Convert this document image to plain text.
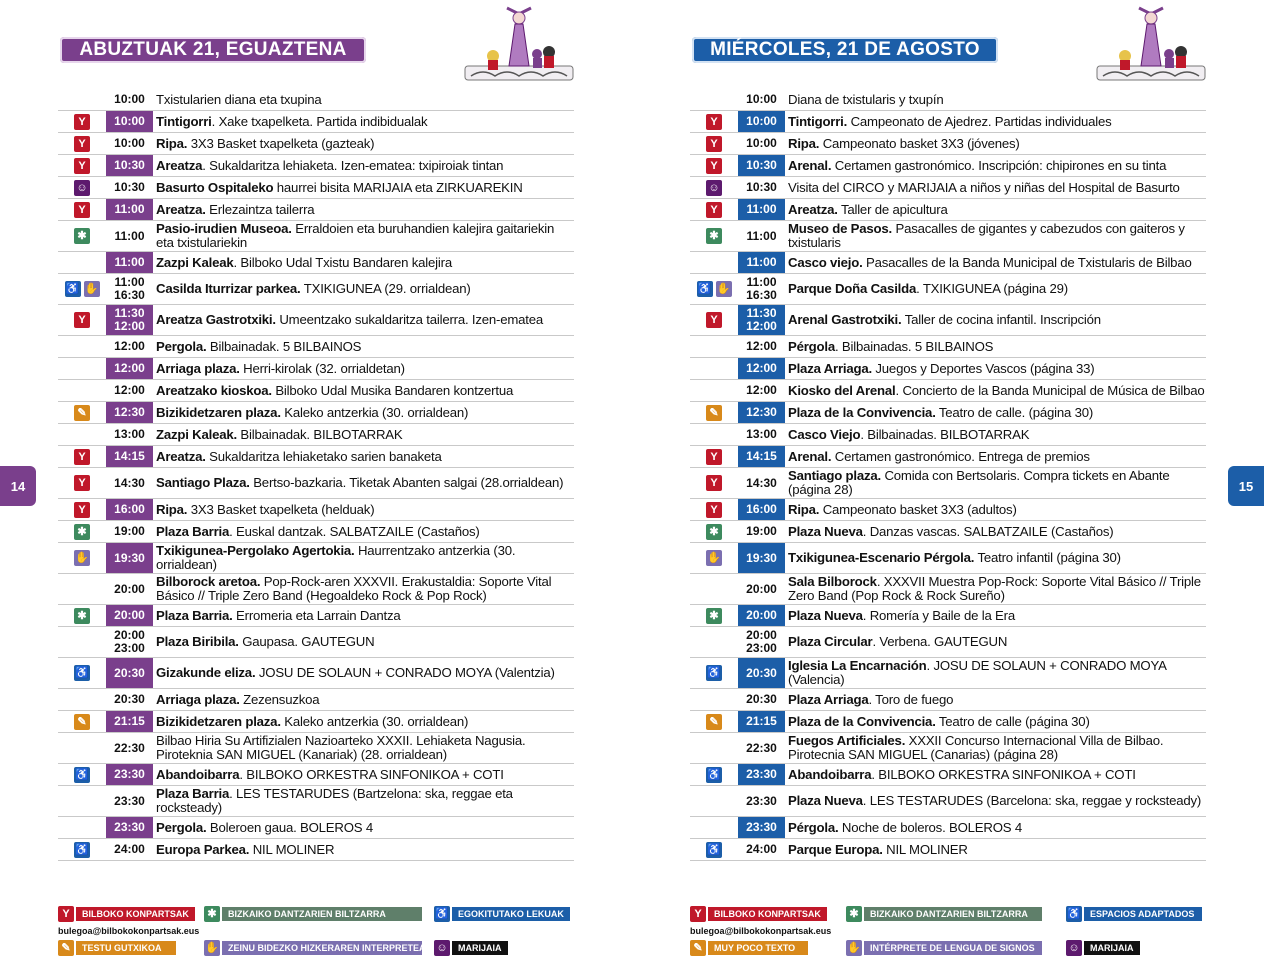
ABUZTUAK 21, EGUAZTENA
10:00 Txistularien diana eta txupina
Y	10:00 Tintigorri. Xake txapelketa. Partida indibidualak
Y	10:00 Ripa. 3X3 Basket txapelketa (gazteak)
Y	10:30 Areatza. Sukaldaritza lehiaketa. Izen-ematea: txipiroiak tintan
☺	10:30 Basurto Ospitaleko haurrei bisita MARIJAIA eta ZIRKUAREKIN
Y	11:00 Areatza. Erlezaintza tailerra
✱	11:00 Pasio-irudien Museoa. Erraldoien eta buruhandien kalejira gaitariekin eta txistulariekin
11:00 Zazpi Kaleak. Bilboko Udal Txistu Bandaren kalejira
♿ ✋	11:00
16:30 Casilda Iturrizar parkea. TXIKIGUNEA (29. orrialdean)
Y	11:30
12:00 Areatza Gastrotxiki. Umeentzako sukaldaritza tailerra. Izen-ematea
12:00 Pergola. Bilbainadak. 5 BILBAINOS
12:00 Arriaga plaza. Herri-kirolak (32. orrialdetan)
12:00 Areatzako kioskoa. Bilboko Udal Musika Bandaren kontzertua
✎	12:30 Bizikidetzaren plaza. Kaleko antzerkia (30. orrialdean)
13:00 Zazpi Kaleak. Bilbainadak. BILBOTARRAK
Y	14:15 Areatza. Sukaldaritza lehiaketako sarien banaketa
Y	14:30 Santiago Plaza. Bertso-bazkaria. Tiketak Abanten salgai (28.orrialdean)
Y	16:00 Ripa. 3X3 Basket txapelketa (helduak)
✱	19:00 Plaza Barria. Euskal dantzak. SALBATZAILE (Castaños)
✋	19:30 Txikigunea-Pergolako Agertokia. Haurrentzako antzerkia (30. orrialdean)
20:00 Bilborock aretoa. Pop-Rock-aren XXXVII. Erakustaldia: Soporte Vital Básico // Triple Zero Band (Hegoaldeko Rock & Pop Rock)
✱	20:00 Plaza Barria. Erromeria eta Larrain Dantza
20:00
23:00 Plaza Biribila. Gaupasa. GAUTEGUN
♿	20:30 Gizakunde eliza. JOSU DE SOLAUN + CONRADO MOYA (Valentzia)
20:30 Arriaga plaza. Zezensuzkoa
✎	21:15 Bizikidetzaren plaza. Kaleko antzerkia (30. orrialdean)
22:30 Bilbao Hiria Su Artifizialen Nazioarteko XXXII. Lehiaketa Nagusia. Piroteknia SAN MIGUEL (Kanariak) (28. orrialdean)
♿	23:30 Abandoibarra. BILBOKO ORKESTRA SINFONIKOA + COTI
23:30 Plaza Barria. LES TESTARUDES (Bartzelona: ska, reggae eta rocksteady)
23:30 Pergola. Boleroen gaua. BOLEROS 4
♿	24:00 Europa Parkea. NIL MOLINER
Y	BILBOKO KONPARTSAK	✱	BIZKAIKO DANTZARIEN BILTZARRA	♿	EGOKITUTAKO LEKUAK
✎	TESTU GUTXIKOA	✋	ZEINU BIDEZKO HIZKERAREN INTERPRETEA ☺	MARIJAIA
bulegoa@bilbokokonpartsak.eus
MIÉRCOLES, 21 DE AGOSTO
10:00 Diana de txistularis y txupín
Y	10:00 Tintigorri. Campeonato de Ajedrez. Partidas individuales
Y	10:00 Ripa. Campeonato basket 3X3 (jóvenes)
Y	10:30 Arenal. Certamen gastronómico. Inscripción: chipirones en su tinta
☺	10:30 Visita del CIRCO y MARIJAIA a niños y niñas del Hospital de Basurto
Y	11:00 Areatza. Taller de apicultura
✱	11:00 Museo de Pasos. Pasacalles de gigantes y cabezudos con gaiteros y txistularis
11:00 Casco viejo. Pasacalles de la Banda Municipal de Txistularis de Bilbao
♿ ✋	11:00
16:30 Parque Doña Casilda. TXIKIGUNEA (página 29)
Y	11:30
12:00 Arenal Gastrotxiki. Taller de cocina infantil. Inscripción
12:00 Pérgola. Bilbainadas. 5 BILBAINOS
12:00 Plaza Arriaga. Juegos y Deportes Vascos (página 33)
12:00 Kiosko del Arenal. Concierto de la Banda Municipal de Música de Bilbao
✎	12:30 Plaza de la Convivencia. Teatro de calle. (página 30)
13:00 Casco Viejo. Bilbainadas. BILBOTARRAK
Y	14:15 Arenal. Certamen gastronómico. Entrega de premios
Y	14:30 Santiago plaza. Comida con Bertsolaris. Compra tickets en Abante (página 28)
Y	16:00 Ripa. Campeonato basket 3X3 (adultos)
✱	19:00 Plaza Nueva. Danzas vascas. SALBATZAILE (Castaños)
✋	19:30 Txikigunea-Escenario Pérgola. Teatro infantil (página 30)
20:00 Sala Bilborock. XXXVII Muestra Pop-Rock: Soporte Vital Básico // Triple Zero Band (Pop Rock & Rock Sureño)
✱	20:00 Plaza Nueva. Romería y Baile de la Era
20:00
23:00 Plaza Circular. Verbena. GAUTEGUN
♿	20:30 Iglesia La Encarnación. JOSU DE SOLAUN + CONRADO MOYA (Valencia)
20:30 Plaza Arriaga. Toro de fuego
✎	21:15 Plaza de la Convivencia. Teatro de calle (página 30)
22:30 Fuegos Artificiales. XXXII Concurso Internacional Villa de Bilbao. Pirotecnia SAN MIGUEL (Canarias) (página 28)
♿	23:30 Abandoibarra. BILBOKO ORKESTRA SINFONIKOA + COTI
23:30 Plaza Nueva. LES TESTARUDES (Barcelona: ska, reggae y rocksteady)
23:30 Pérgola. Noche de boleros. BOLEROS 4
♿	24:00 Parque Europa. NIL MOLINER
Y	BILBOKO KONPARTSAK	✱	BIZKAIKO DANTZARIEN BILTZARRA	♿	ESPACIOS ADAPTADOS
✎	MUY POCO TEXTO	✋	INTÉRPRETE DE LENGUA DE SIGNOS	☺	MARIJAIA
bulegoa@bilbokokonpartsak.eus
14	15
